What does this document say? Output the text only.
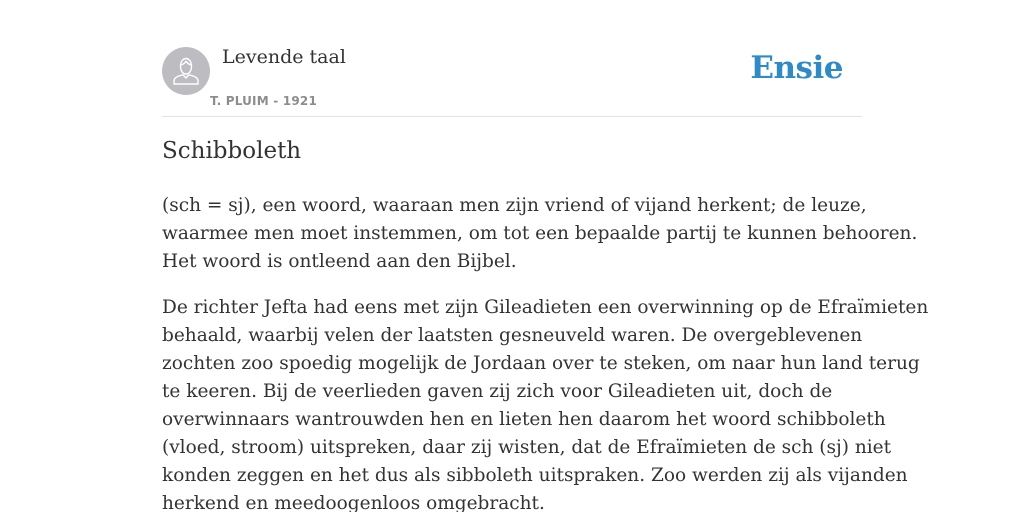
Levende taal
T. PLUIM - 1921
Ensie
Schibboleth

(sch = sj), een woord, waaraan men zijn vriend of vijand herkent; de leuze,
waarmee men moet instemmen, om tot een bepaalde partij te kunnen behooren.
Het woord is ontleend aan den Bijbel.

De richter Jefta had eens met zijn Gileadieten een overwinning op de Efraïmieten
behaald, waarbij velen der laatsten gesneuveld waren. De overgeblevenen
zochten zoo spoedig mogelijk de Jordaan over te steken, om naar hun land terug
te keeren. Bij de veerlieden gaven zij zich voor Gileadieten uit, doch de
overwinnaars wantrouwden hen en lieten hen daarom het woord schibboleth
(vloed, stroom) uitspreken, daar zij wisten, dat de Efraïmieten de sch (sj) niet
konden zeggen en het dus als sibboleth uitspraken. Zoo werden zij als vijanden
herkend en meedoogenloos omgebracht.
